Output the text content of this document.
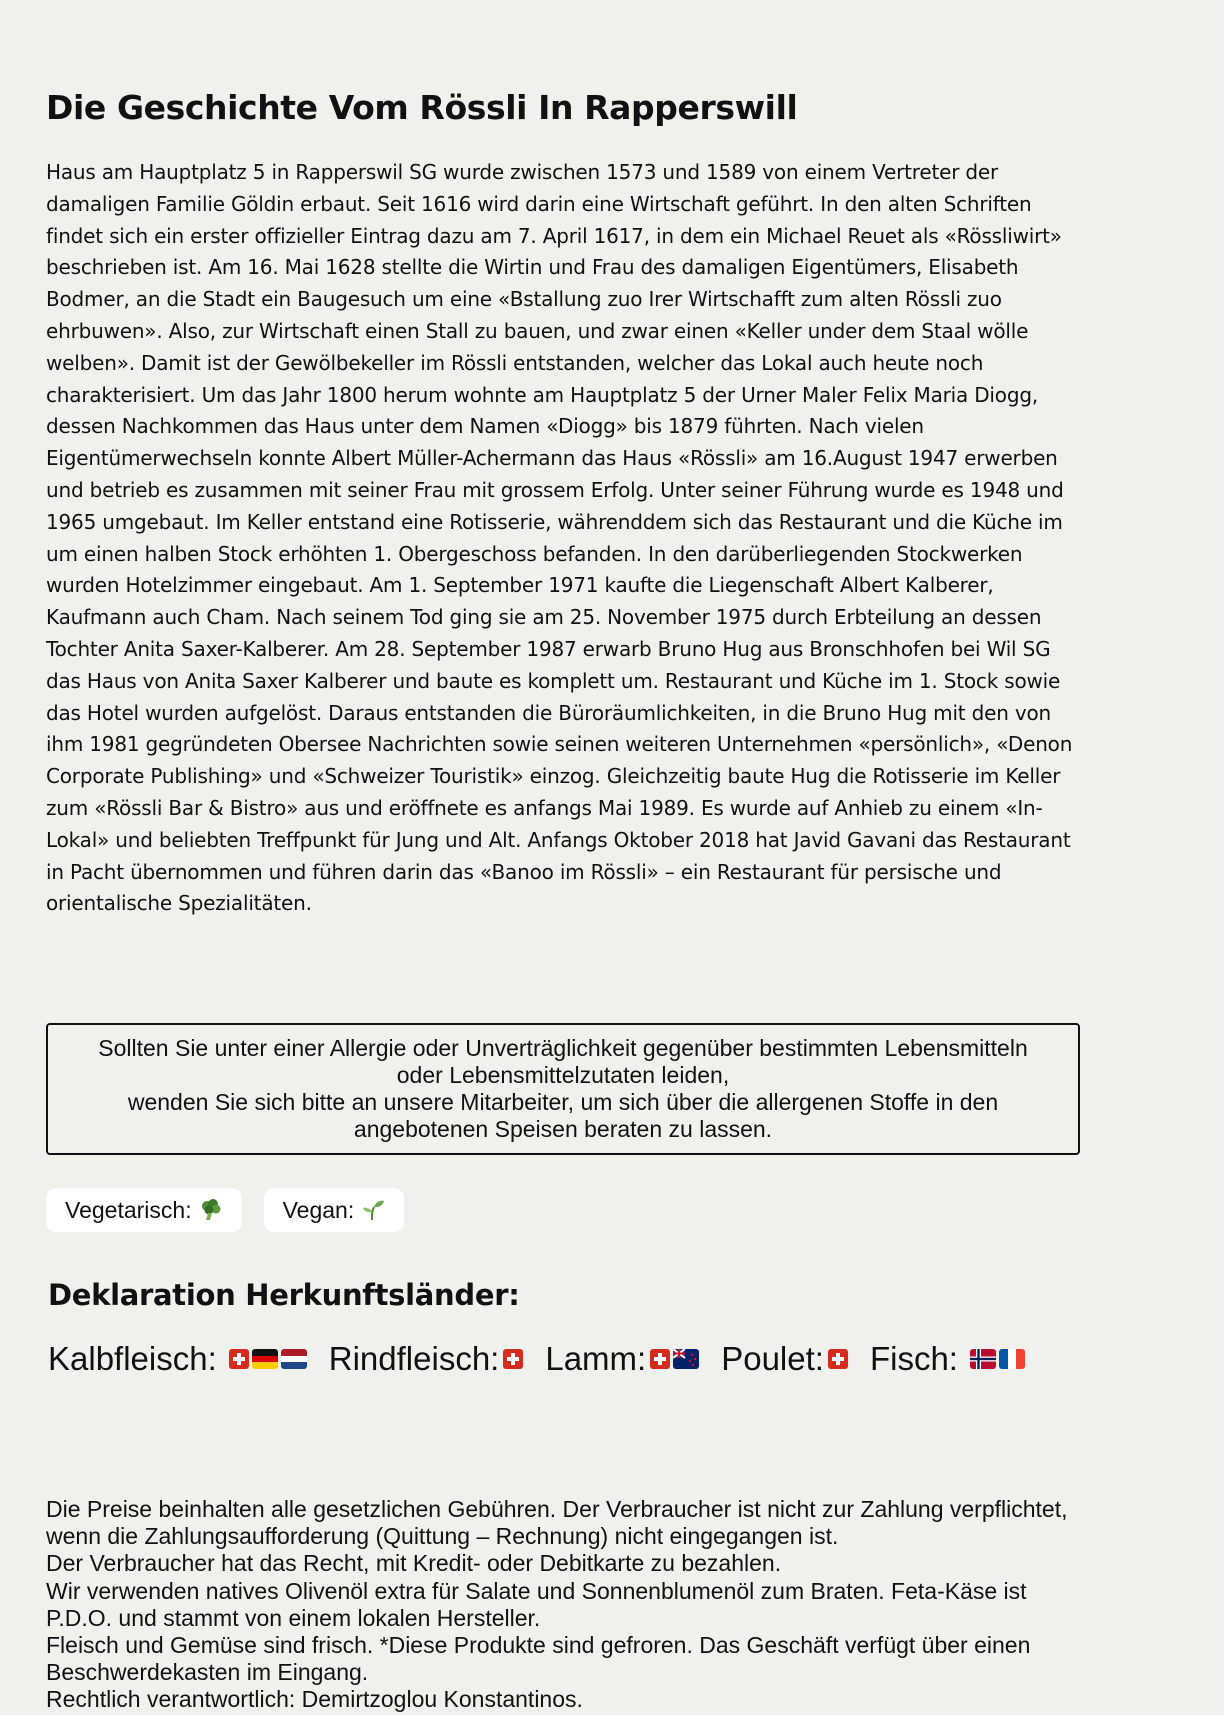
Die Geschichte Vom Rössli In Rapperswill
Haus am Hauptplatz 5 in Rapperswil SG wurde zwischen 1573 und 1589 von einem Vertreter der damaligen Familie Göldin erbaut. Seit 1616 wird darin eine Wirtschaft geführt. In den alten Schriften findet sich ein erster offizieller Eintrag dazu am 7. April 1617, in dem ein Michael Reuet als «Rössliwirt» beschrieben ist. Am 16. Mai 1628 stellte die Wirtin und Frau des damaligen Eigentümers, Elisabeth Bodmer, an die Stadt ein Baugesuch um eine «Bstallung zuo Irer Wirtschafft zum alten Rössli zuo ehrbuwen». Also, zur Wirtschaft einen Stall zu bauen, und zwar einen «Keller under dem Staal wölle welben». Damit ist der Gewölbekeller im Rössli entstanden, welcher das Lokal auch heute noch charakterisiert. Um das Jahr 1800 herum wohnte am Hauptplatz 5 der Urner Maler Felix Maria Diogg, dessen Nachkommen das Haus unter dem Namen «Diogg» bis 1879 führten. Nach vielen Eigentümerwechseln konnte Albert Müller-Achermann das Haus «Rössli» am 16.August 1947 erwerben und betrieb es zusammen mit seiner Frau mit grossem Erfolg. Unter seiner Führung wurde es 1948 und 1965 umgebaut. Im Keller entstand eine Rotisserie, währenddem sich das Restaurant und die Küche im um einen halben Stock erhöhten 1. Obergeschoss befanden. In den darüberliegenden Stockwerken wurden Hotelzimmer eingebaut. Am 1. September 1971 kaufte die Liegenschaft Albert Kalberer, Kaufmann auch Cham. Nach seinem Tod ging sie am 25. November 1975 durch Erbteilung an dessen Tochter Anita Saxer-Kalberer. Am 28. September 1987 erwarb Bruno Hug aus Bronschhofen bei Wil SG das Haus von Anita Saxer Kalberer und baute es komplett um. Restaurant und Küche im 1. Stock sowie das Hotel wurden aufgelöst. Daraus entstanden die Büroräumlichkeiten, in die Bruno Hug mit den von ihm 1981 gegründeten Obersee Nachrichten sowie seinen weiteren Unternehmen «persönlich», «Denon Corporate Publishing» und «Schweizer Touristik» einzog. Gleichzeitig baute Hug die Rotisserie im Keller zum «Rössli Bar & Bistro» aus und eröffnete es anfangs Mai 1989. Es wurde auf Anhieb zu einem «In-Lokal» und beliebten Treffpunkt für Jung und Alt. Anfangs Oktober 2018 hat Javid Gavani das Restaurant in Pacht übernommen und führen darin das «Banoo im Rössli» – ein Restaurant für persische und orientalische Spezialitäten.
Sollten Sie unter einer Allergie oder Unverträglichkeit gegenüber bestimmten Lebensmitteln oder Lebensmittelzutaten leiden,
wenden Sie sich bitte an unsere Mitarbeiter, um sich über die allergenen Stoffe in den angebotenen Speisen beraten zu lassen.
Vegetarisch:	Vegan:
Deklaration Herkunftsländer:
Kalbfleisch:	Rindfleisch: Lamm: Poulet: Fisch:

Die Preise beinhalten alle gesetzlichen Gebühren. Der Verbraucher ist nicht zur Zahlung verpflichtet, wenn die Zahlungsaufforderung (Quittung – Rechnung) nicht eingegangen ist.

Der Verbraucher hat das Recht, mit Kredit- oder Debitkarte zu bezahlen.

Wir verwenden natives Olivenöl extra für Salate und Sonnenblumenöl zum Braten. Feta-Käse ist P.D.O. und stammt von einem lokalen Hersteller.

Fleisch und Gemüse sind frisch. *Diese Produkte sind gefroren. Das Geschäft verfügt über einen Beschwerdekasten im Eingang.

Rechtlich verantwortlich: Demirtzoglou Konstantinos.
